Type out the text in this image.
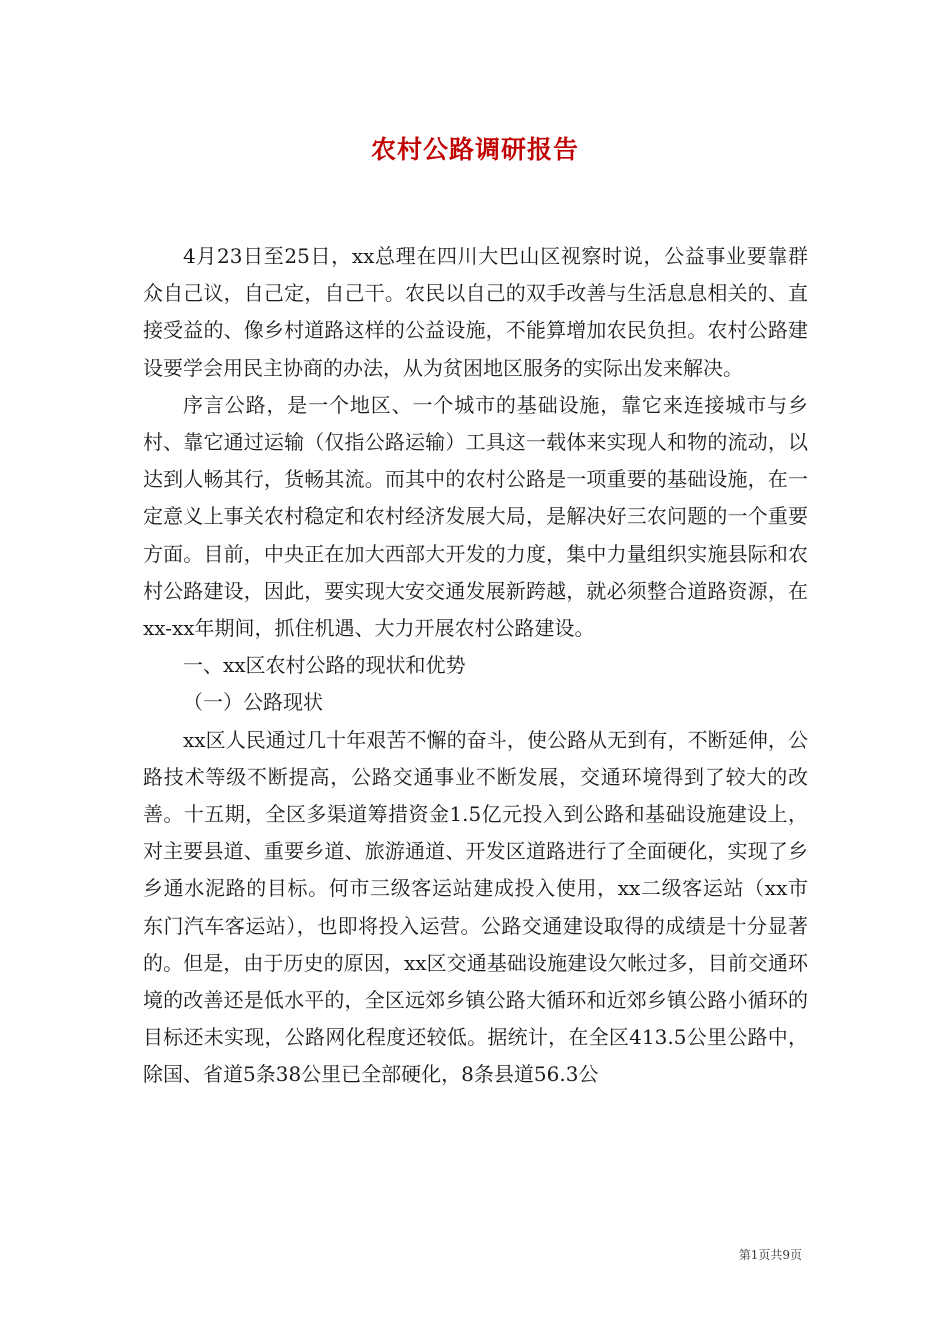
农村公路调研报告

4月23日至25日，xx总理在四川大巴山区视察时说，公益事业要靠群众自己议，自己定，自己干。农民以自己的双手改善与生活息息相关的、直接受益的、像乡村道路这样的公益设施，不能算增加农民负担。农村公路建设要学会用民主协商的办法，从为贫困地区服务的实际出发来解决。

序言公路，是一个地区、一个城市的基础设施，靠它来连接城市与乡村、靠它通过运输（仅指公路运输）工具这一载体来实现人和物的流动，以达到人畅其行，货畅其流。而其中的农村公路是一项重要的基础设施，在一定意义上事关农村稳定和农村经济发展大局，是解决好三农问题的一个重要方面。目前，中央正在加大西部大开发的力度，集中力量组织实施县际和农村公路建设，因此，要实现大安交通发展新跨越，就必须整合道路资源，在xx-xx年期间，抓住机遇、大力开展农村公路建设。

一、xx区农村公路的现状和优势

（一）公路现状

xx区人民通过几十年艰苦不懈的奋斗，使公路从无到有，不断延伸，公路技术等级不断提高，公路交通事业不断发展，交通环境得到了较大的改善。十五期，全区多渠道筹措资金1.5亿元投入到公路和基础设施建设上，对主要县道、重要乡道、旅游通道、开发区道路进行了全面硬化，实现了乡乡通水泥路的目标。何市三级客运站建成投入使用，xx二级客运站（xx市东门汽车客运站），也即将投入运营。公路交通建设取得的成绩是十分显著的。但是，由于历史的原因，xx区交通基础设施建设欠帐过多，目前交通环境的改善还是低水平的，全区远郊乡镇公路大循环和近郊乡镇公路小循环的目标还未实现，公路网化程度还较低。据统计，在全区413.5公里公路中，除国、省道5条38公里已全部硬化，8条县道56.3公

第1页共9页
